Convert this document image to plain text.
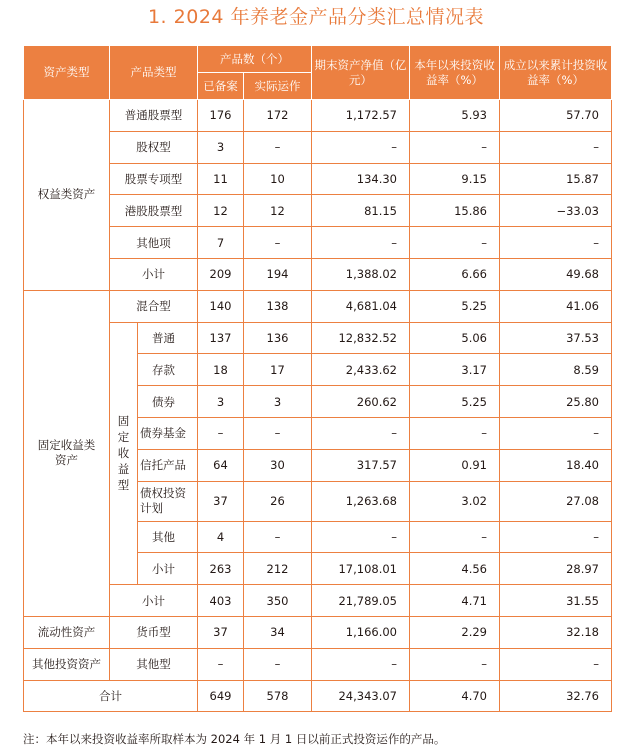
1. 2024 年养老金产品分类汇总情况表
资产类型	产品类型		产品数（个）		期末资产净值（亿元）	本年以来投资收益率（%）	成立以来累计投资收益率（%）
			已备案	实际运作			
权益类资产	普通股票型		176	172	1,172.57	5.93	57.70
	股权型		3	–	–	–	–
	股票专项型		11	10	134.30	9.15	15.87
	港股股票型		12	12	81.15	15.86	−33.03
	其他项		7	–	–	–	–
	小计		209	194	1,388.02	6.66	49.68
固定收益类资产	混合型		140	138	4,681.04	5.25	41.06
	固定收益型	普通	137	136	12,832.52	5.06	37.53
		存款	18	17	2,433.62	3.17	8.59
		债券	3	3	260.62	5.25	25.80
		债券基金	–	–	–	–	–
		信托产品	64	30	317.57	0.91	18.40
		债权投资计划	37	26	1,263.68	3.02	27.08
		其他	4	–	–	–	–
		小计	263	212	17,108.01	4.56	28.97
	小计		403	350	21,789.05	4.71	31.55
流动性资产	货币型		37	34	1,166.00	2.29	32.18
其他投资资产	其他型		–	–	–	–	–
合计			649	578	24,343.07	4.70	32.76
注：本年以来投资收益率所取样本为 2024 年 1 月 1 日以前正式投资运作的产品。
